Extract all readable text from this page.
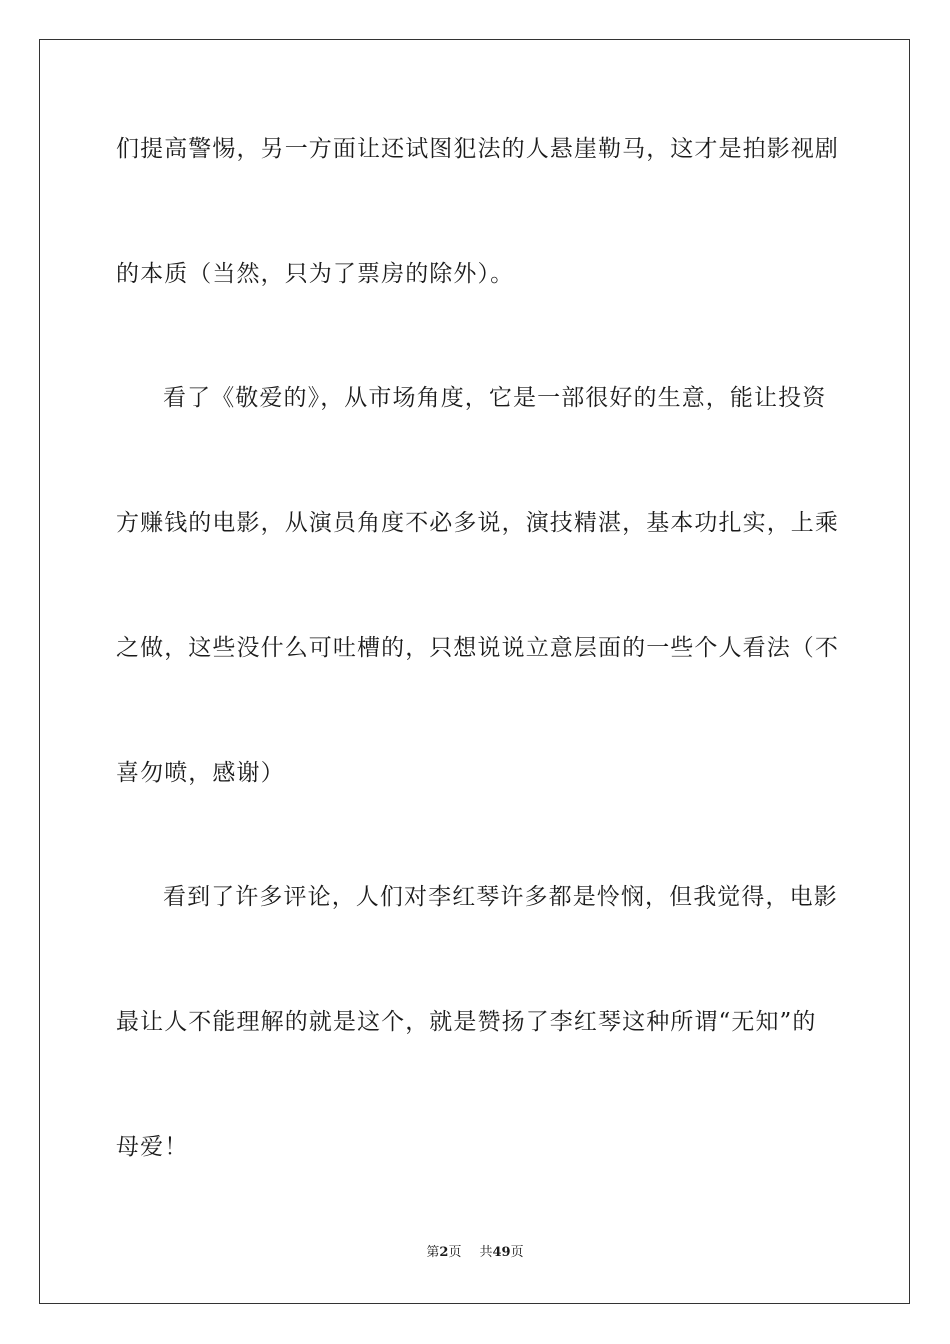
们提高警惕，另一方面让还试图犯法的人悬崖勒马，这才是拍影视剧
的本质（当然，只为了票房的除外）。
看了《敬爱的》，从市场角度，它是一部很好的生意，能让投资
方赚钱的电影，从演员角度不必多说，演技精湛，基本功扎实，上乘
之做，这些没什么可吐槽的，只想说说立意层面的一些个人看法（不
喜勿喷，感谢）
看到了许多评论，人们对李红琴许多都是怜悯，但我觉得，电影
最让人不能理解的就是这个，就是赞扬了李红琴这种所谓“无知”的
母爱！
第2页 共49页
